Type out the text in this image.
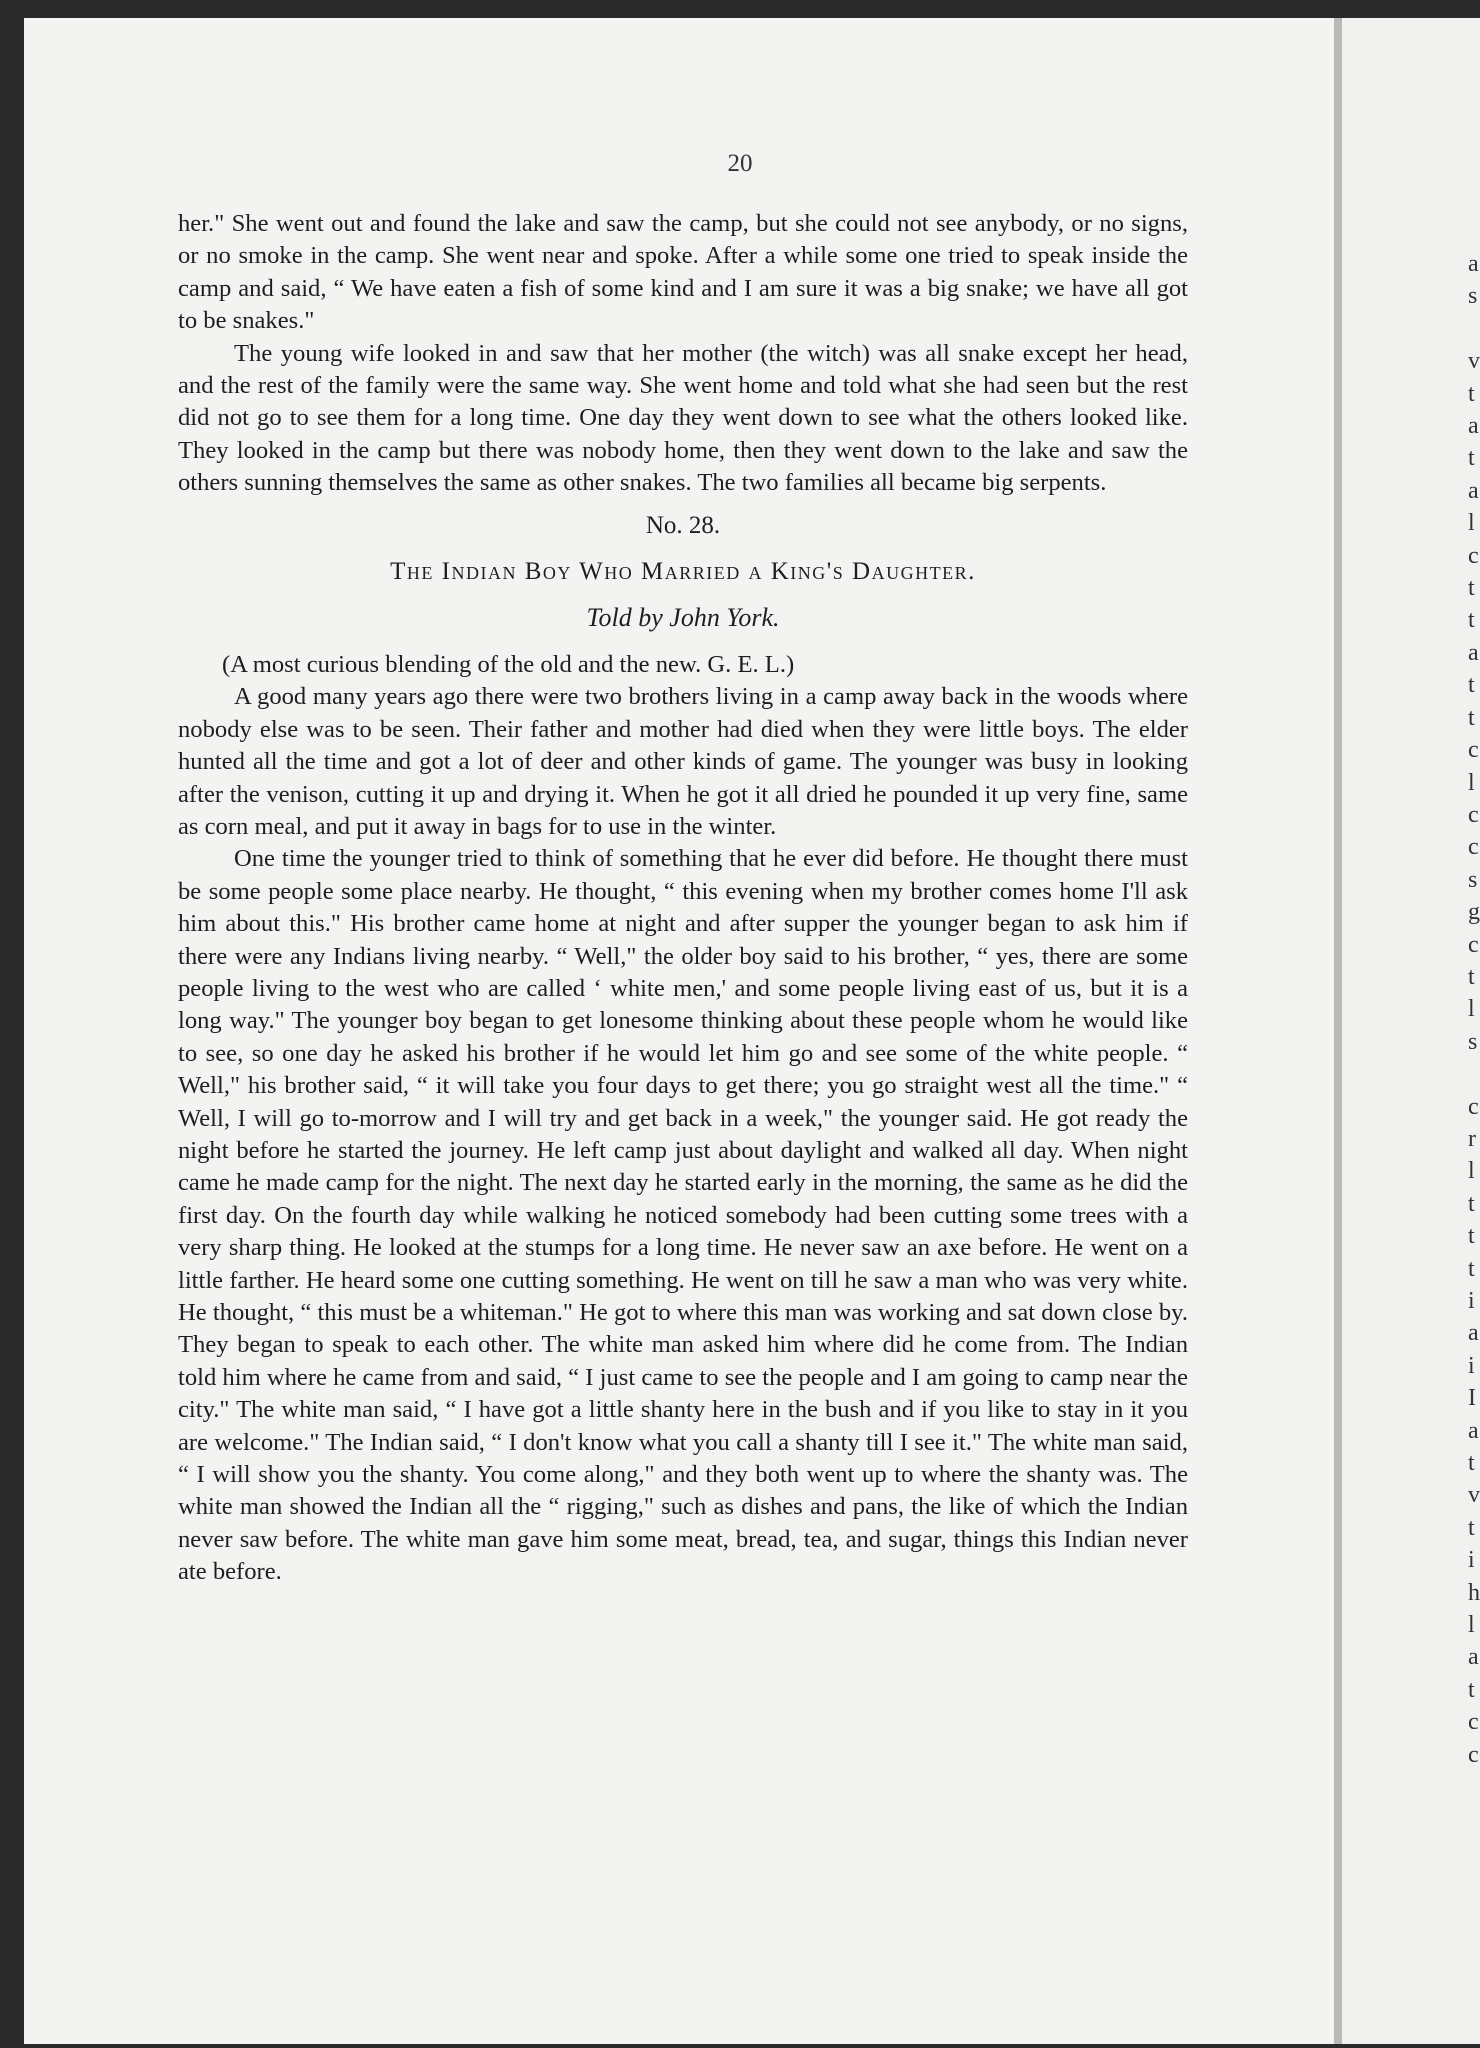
a
s

v
t
a
t
a
l
c
t
t
a
t
t
c
l
c
c
s
g
c
t
l
s

c
r
l
t
t
t
i
a
i
I
a
t
v
t
i
h
l
a
t
c
c
20

her." She went out and found the lake and saw the camp, but she could not see anybody, or no signs, or no smoke in the camp. She went near and spoke. After a while some one tried to speak inside the camp and said, “ We have eaten a fish of some kind and I am sure it was a big snake; we have all got to be snakes."

The young wife looked in and saw that her mother (the witch) was all snake except her head, and the rest of the family were the same way. She went home and told what she had seen but the rest did not go to see them for a long time. One day they went down to see what the others looked like. They looked in the camp but there was nobody home, then they went down to the lake and saw the others sunning themselves the same as other snakes. The two families all became big serpents.

No. 28.

The Indian Boy Who Married a King's Daughter.

Told by John York.

(A most curious blending of the old and the new. G. E. L.)

A good many years ago there were two brothers living in a camp away back in the woods where nobody else was to be seen. Their father and mother had died when they were little boys. The elder hunted all the time and got a lot of deer and other kinds of game. The younger was busy in looking after the venison, cutting it up and drying it. When he got it all dried he pounded it up very fine, same as corn meal, and put it away in bags for to use in the winter.

One time the younger tried to think of something that he ever did before. He thought there must be some people some place nearby. He thought, “ this evening when my brother comes home I'll ask him about this." His brother came home at night and after supper the younger began to ask him if there were any Indians living nearby. “ Well," the older boy said to his brother, “ yes, there are some people living to the west who are called ‘ white men,' and some people living east of us, but it is a long way." The younger boy began to get lonesome thinking about these people whom he would like to see, so one day he asked his brother if he would let him go and see some of the white people. “ Well," his brother said, “ it will take you four days to get there; you go straight west all the time." “ Well, I will go to-morrow and I will try and get back in a week," the younger said. He got ready the night before he started the journey. He left camp just about daylight and walked all day. When night came he made camp for the night. The next day he started early in the morning, the same as he did the first day. On the fourth day while walking he noticed somebody had been cutting some trees with a very sharp thing. He looked at the stumps for a long time. He never saw an axe before. He went on a little farther. He heard some one cutting something. He went on till he saw a man who was very white. He thought, “ this must be a whiteman." He got to where this man was working and sat down close by. They began to speak to each other. The white man asked him where did he come from. The Indian told him where he came from and said, “ I just came to see the people and I am going to camp near the city." The white man said, “ I have got a little shanty here in the bush and if you like to stay in it you are welcome." The Indian said, “ I don't know what you call a shanty till I see it." The white man said, “ I will show you the shanty. You come along," and they both went up to where the shanty was. The white man showed the Indian all the “ rigging," such as dishes and pans, the like of which the Indian never saw before. The white man gave him some meat, bread, tea, and sugar, things this Indian never ate before.
